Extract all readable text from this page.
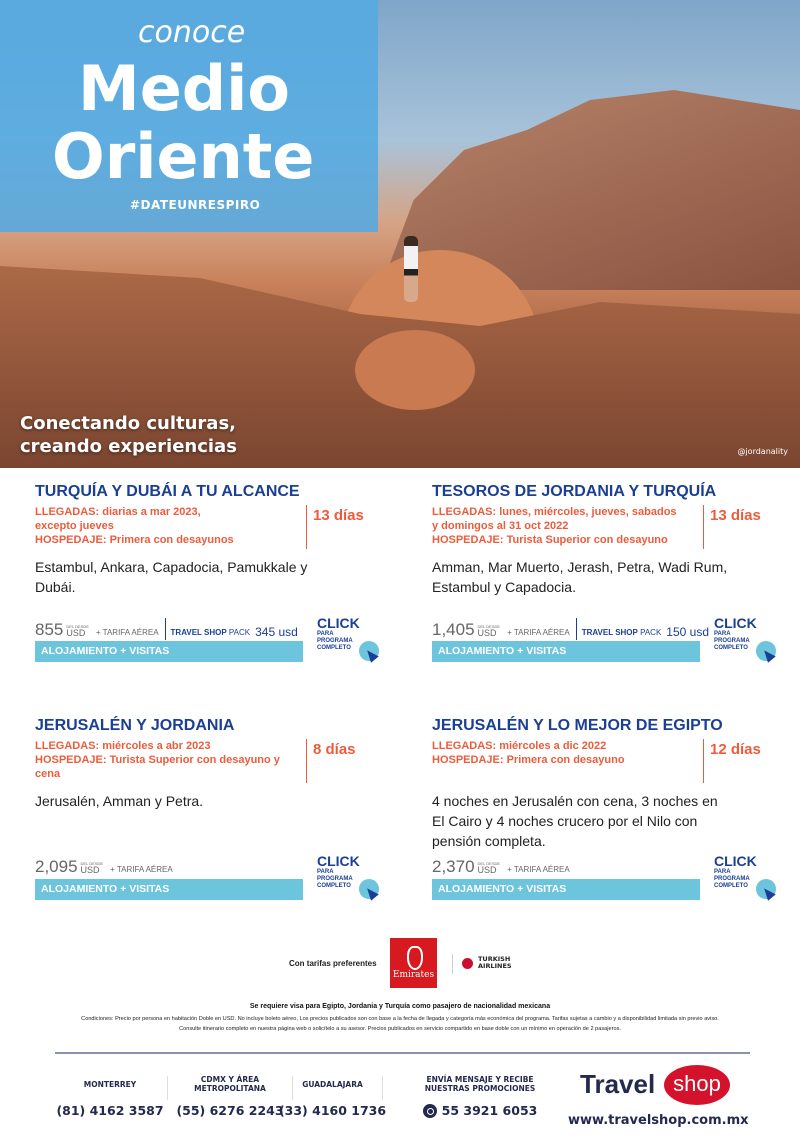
conoce
Medio
Oriente
#DATEUNRESPIRO
Conectando culturas,
creando experiencias	@jordanality
TURQUÍA Y DUBÁI A TU ALCANCE
LLEGADAS: diarias a mar 2023,
excepto jueves
HOSPEDAJE: Primera con desayunos
13 días
Estambul, Ankara, Capadocia, Pamukkale y Dubái.
855 DEL DESDE
USD	+ TARIFA AÉREA TRAVEL SHOP PACK 345 usd
ALOJAMIENTO + VISITAS
CLICK
PARA PROGRAMA COMPLETO
TESOROS DE JORDANIA Y TURQUÍA
LLEGADAS: lunes, miércoles, jueves, sabados
y domingos al 31 oct 2022
HOSPEDAJE: Turista Superior con desayuno
13 días
Amman, Mar Muerto, Jerash, Petra, Wadi Rum, Estambul y Capadocia.
1,405 DEL DESDE
USD	+ TARIFA AÉREA TRAVEL SHOP PACK 150 usd
ALOJAMIENTO + VISITAS
CLICK
PARA PROGRAMA COMPLETO
JERUSALÉN Y JORDANIA
LLEGADAS: miércoles a abr 2023
HOSPEDAJE: Turista Superior con desayuno y cena
8 días
Jerusalén, Amman y Petra.
2,095 DEL DESDE
USD	+ TARIFA AÉREA
ALOJAMIENTO + VISITAS
CLICK
PARA PROGRAMA COMPLETO
JERUSALÉN Y LO MEJOR DE EGIPTO
LLEGADAS: miércoles a dic 2022
HOSPEDAJE: Primera con desayuno
12 días
4 noches en Jerusalén con cena, 3 noches en El Cairo y 4 noches crucero por el Nilo con pensión completa.
2,370 DEL DESDE
USD	+ TARIFA AÉREA
ALOJAMIENTO + VISITAS
CLICK
PARA PROGRAMA COMPLETO
Con tarifas preferentes
Emirates
TURKISH
AIRLINES
Se requiere visa para Egipto, Jordania y Turquía como pasajero de nacionalidad mexicana
Condiciones: Precio por persona en habitación Doble en USD. No incluye boleto aéreo, Los precios publicados son con base a la fecha de llegada y categoría más económica del programa. Tarifas sujetas a cambio y a disponibilidad limitada sin previo aviso. Consulte itinerario completo en nuestra página web o solicítelo a su asesor. Precios publicados en servicio compartido en base doble con un mínimo en operación de 2 pasajeros.
MONTERREY
(81) 4162 3587
CDMX Y ÁREA METROPOLITANA
(55) 6276 2243
GUADALAJARA
(33) 4160 1736
ENVÍA MENSAJE Y RECIBE NUESTRAS PROMOCIONES
55 3921 6053
Travel shop
www.travelshop.com.mx
